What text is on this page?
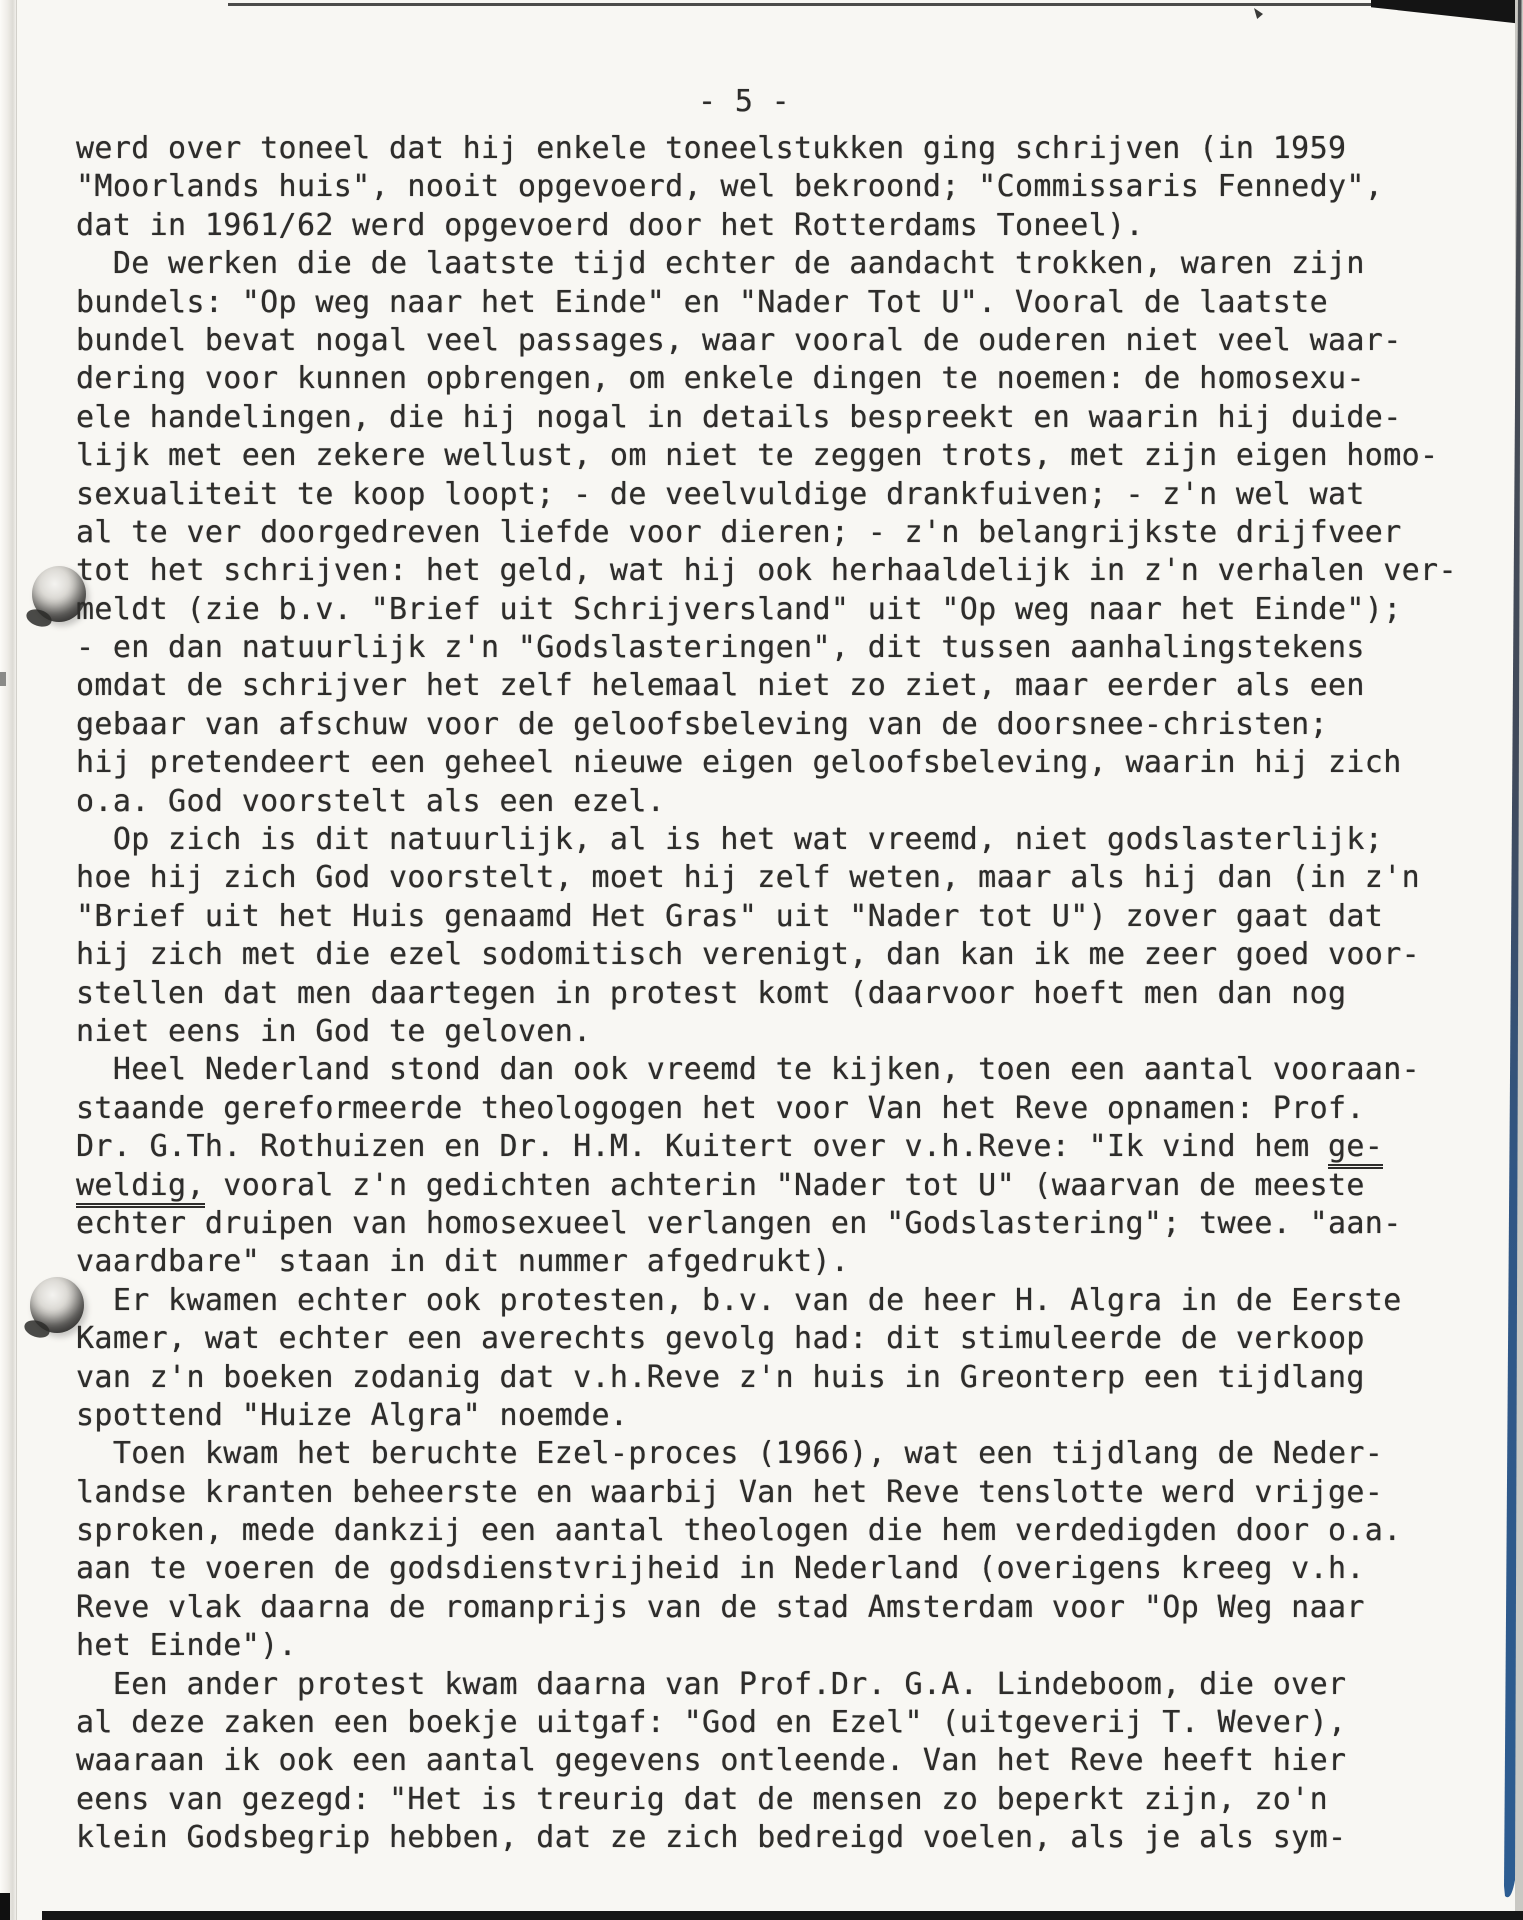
- 5 -
werd over toneel dat hij enkele toneelstukken ging schrijven (in 1959
"Moorlands huis", nooit opgevoerd, wel bekroond; "Commissaris Fennedy",
dat in 1961/62 werd opgevoerd door het Rotterdams Toneel).
De werken die de laatste tijd echter de aandacht trokken, waren zijn
bundels: "Op weg naar het Einde" en "Nader Tot U". Vooral de laatste
bundel bevat nogal veel passages, waar vooral de ouderen niet veel waar-
dering voor kunnen opbrengen, om enkele dingen te noemen: de homosexu-
ele handelingen, die hij nogal in details bespreekt en waarin hij duide-
lijk met een zekere wellust, om niet te zeggen trots, met zijn eigen homo-
sexualiteit te koop loopt; - de veelvuldige drankfuiven; - z'n wel wat
al te ver doorgedreven liefde voor dieren; - z'n belangrijkste drijfveer
tot het schrijven: het geld, wat hij ook herhaaldelijk in z'n verhalen ver-
meldt (zie b.v. "Brief uit Schrijversland" uit "Op weg naar het Einde");
- en dan natuurlijk z'n "Godslasteringen", dit tussen aanhalingstekens
omdat de schrijver het zelf helemaal niet zo ziet, maar eerder als een
gebaar van afschuw voor de geloofsbeleving van de doorsnee-christen;
hij pretendeert een geheel nieuwe eigen geloofsbeleving, waarin hij zich
o.a. God voorstelt als een ezel.
Op zich is dit natuurlijk, al is het wat vreemd, niet godslasterlijk;
hoe hij zich God voorstelt, moet hij zelf weten, maar als hij dan (in z'n
"Brief uit het Huis genaamd Het Gras" uit "Nader tot U") zover gaat dat
hij zich met die ezel sodomitisch verenigt, dan kan ik me zeer goed voor-
stellen dat men daartegen in protest komt (daarvoor hoeft men dan nog
niet eens in God te geloven.
Heel Nederland stond dan ook vreemd te kijken, toen een aantal vooraan-
staande gereformeerde theologogen het voor Van het Reve opnamen: Prof.
Dr. G.Th. Rothuizen en Dr. H.M. Kuitert over v.h.Reve: "Ik vind hem ge-
weldig, vooral z'n gedichten achterin "Nader tot U" (waarvan de meeste
echter druipen van homosexueel verlangen en "Godslastering"; twee. "aan-
vaardbare" staan in dit nummer afgedrukt).
Er kwamen echter ook protesten, b.v. van de heer H. Algra in de Eerste
Kamer, wat echter een averechts gevolg had: dit stimuleerde de verkoop
van z'n boeken zodanig dat v.h.Reve z'n huis in Greonterp een tijdlang
spottend "Huize Algra" noemde.
Toen kwam het beruchte Ezel-proces (1966), wat een tijdlang de Neder-
landse kranten beheerste en waarbij Van het Reve tenslotte werd vrijge-
sproken, mede dankzij een aantal theologen die hem verdedigden door o.a.
aan te voeren de godsdienstvrijheid in Nederland (overigens kreeg v.h.
Reve vlak daarna de romanprijs van de stad Amsterdam voor "Op Weg naar
het Einde").
Een ander protest kwam daarna van Prof.Dr. G.A. Lindeboom, die over
al deze zaken een boekje uitgaf: "God en Ezel" (uitgeverij T. Wever),
waaraan ik ook een aantal gegevens ontleende. Van het Reve heeft hier
eens van gezegd: "Het is treurig dat de mensen zo beperkt zijn, zo'n
klein Godsbegrip hebben, dat ze zich bedreigd voelen, als je als sym-
